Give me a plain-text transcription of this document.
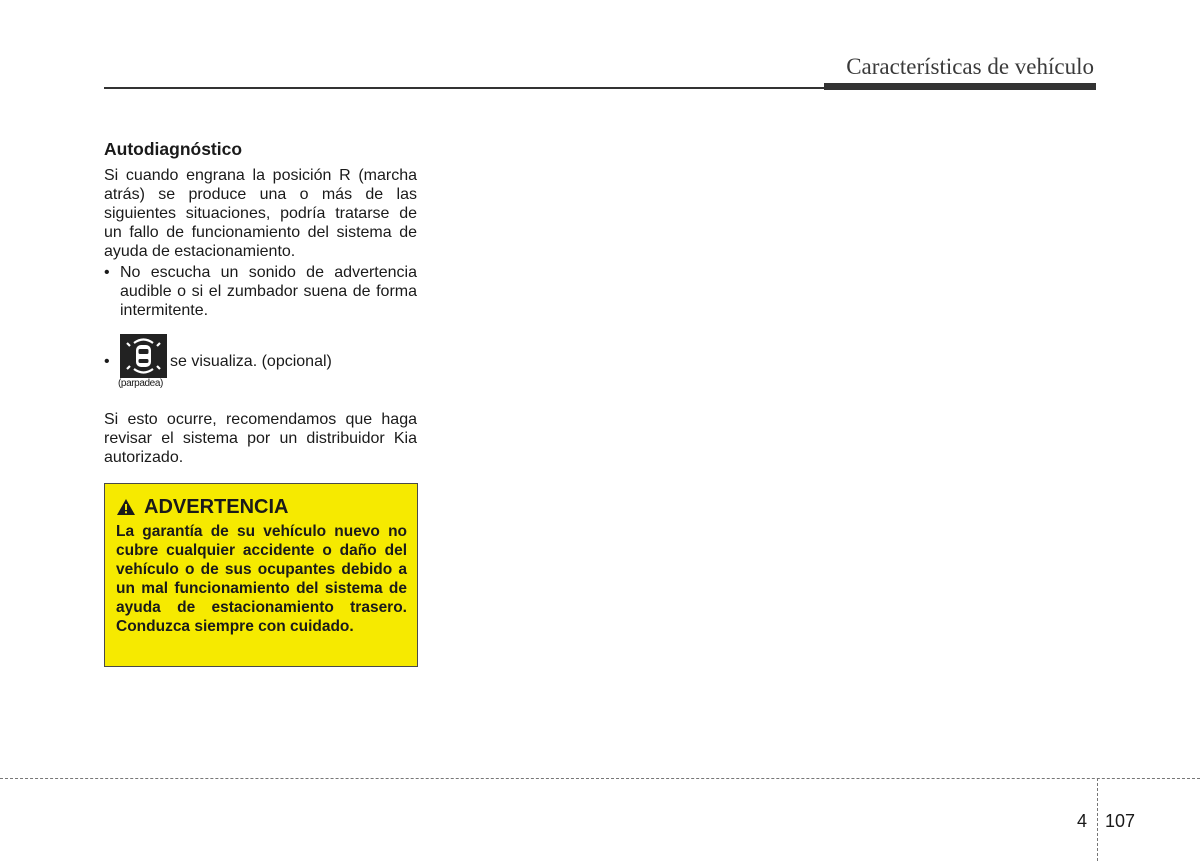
Características de vehículo
Autodiagnóstico

Si cuando engrana la posición R (marcha atrás) se produce una o más de las siguientes situaciones, podría tratarse de un fallo de funcionamiento del sistema de ayuda de estacionamiento.

• No escucha un sonido de advertencia audible o si el zumbador suena de forma intermitente.
•
(parpadea)
se visualiza. (opcional)

Si esto ocurre, recomendamos que haga revisar el sistema por un distribuidor Kia autorizado.

ADVERTENCIA

La garantía de su vehículo nuevo no cubre cualquier accidente o daño del vehículo o de sus ocupantes debido a un mal funcionamiento del sistema de ayuda de estacionamiento trasero. Conduzca siempre con cuidado.

4 107
